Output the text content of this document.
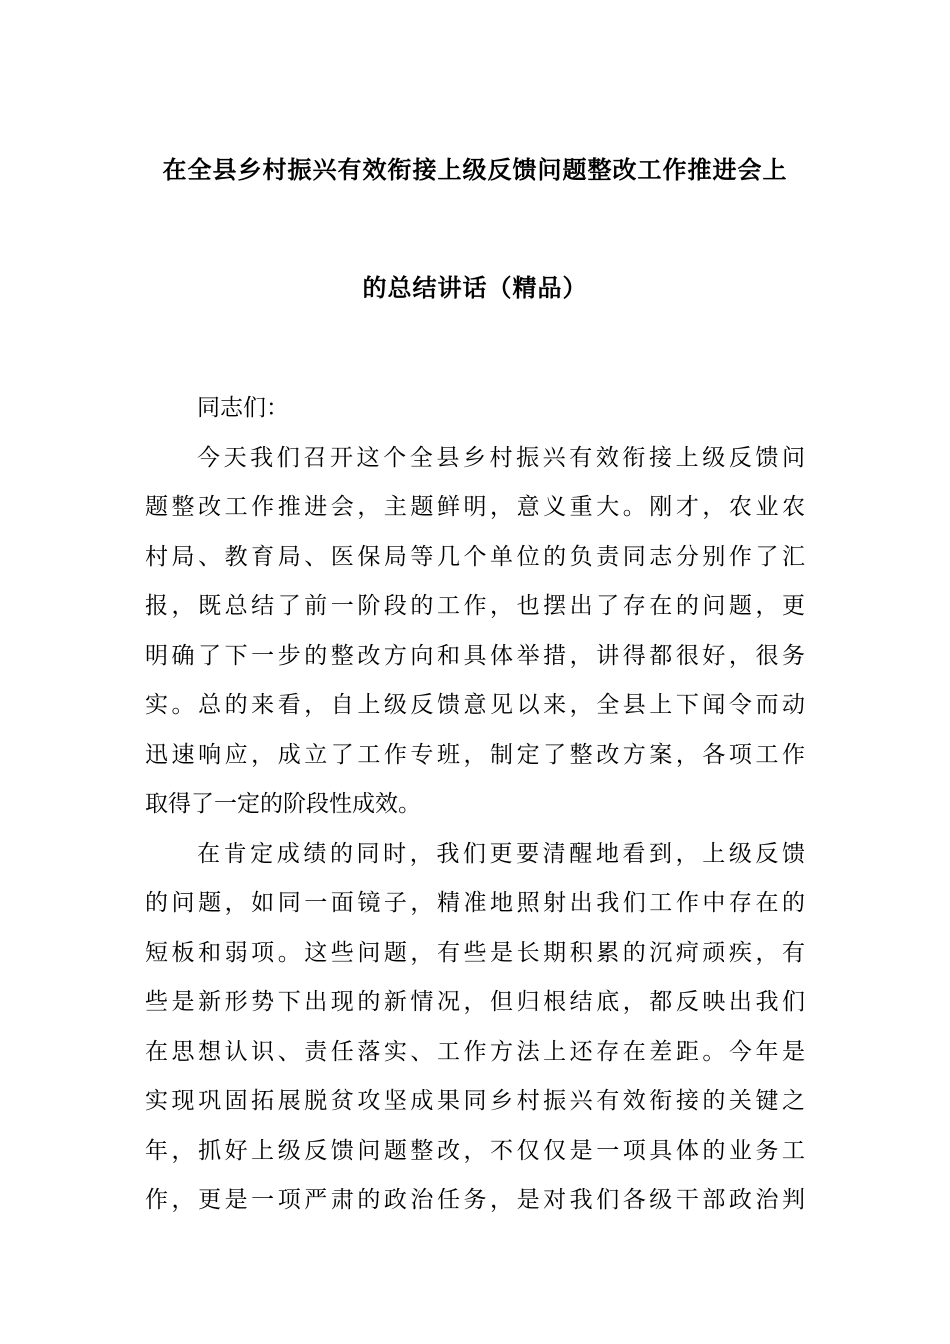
在全县乡村振兴有效衔接上级反馈问题整改工作推进会上
的总结讲话（精品）
同志们：
今天我们召开这个全县乡村振兴有效衔接上级反馈问
题整改工作推进会，主题鲜明，意义重大。刚才，农业农
村局、教育局、医保局等几个单位的负责同志分别作了汇
报，既总结了前一阶段的工作，也摆出了存在的问题，更
明确了下一步的整改方向和具体举措，讲得都很好，很务
实。总的来看，自上级反馈意见以来，全县上下闻令而动
迅速响应，成立了工作专班，制定了整改方案，各项工作
取得了一定的阶段性成效。
在肯定成绩的同时，我们更要清醒地看到，上级反馈
的问题，如同一面镜子，精准地照射出我们工作中存在的
短板和弱项。这些问题，有些是长期积累的沉疴顽疾，有
些是新形势下出现的新情况，但归根结底，都反映出我们
在思想认识、责任落实、工作方法上还存在差距。今年是
实现巩固拓展脱贫攻坚成果同乡村振兴有效衔接的关键之
年，抓好上级反馈问题整改，不仅仅是一项具体的业务工
作，更是一项严肃的政治任务，是对我们各级干部政治判
